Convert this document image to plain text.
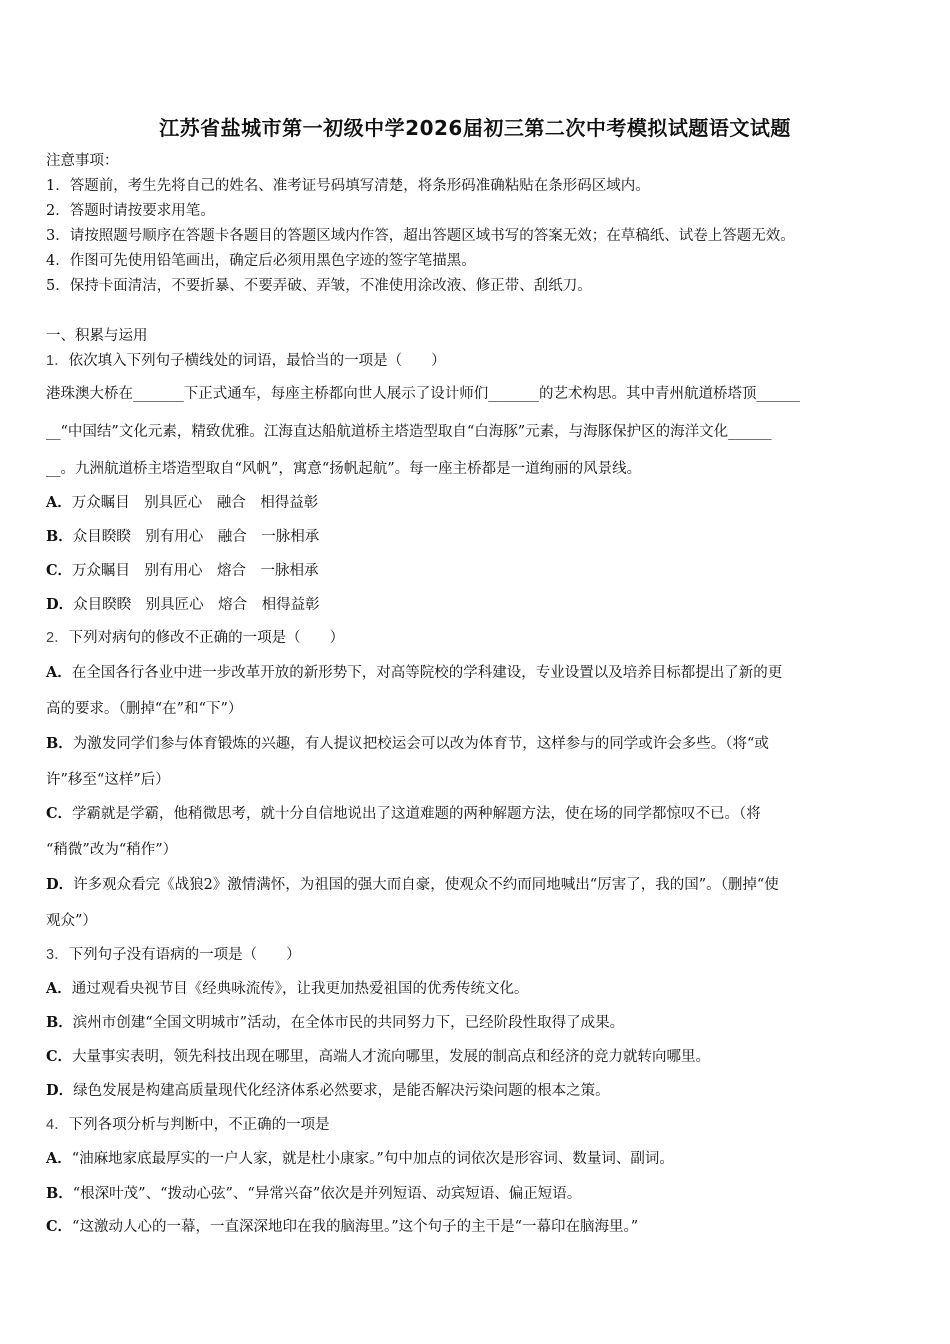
江苏省盐城市第一初级中学2026届初三第二次中考模拟试题语文试题
注意事项：
1．答题前，考生先将自己的姓名、准考证号码填写清楚，将条形码准确粘贴在条形码区域内。
2．答题时请按要求用笔。
3．请按照题号顺序在答题卡各题目的答题区域内作答，超出答题区域书写的答案无效；在草稿纸、试卷上答题无效。
4．作图可先使用铅笔画出，确定后必须用黑色字迹的签字笔描黑。
5．保持卡面清洁，不要折暴、不要弄破、弄皱，不准使用涂改液、修正带、刮纸刀。
一、积累与运用
1．依次填入下列句子横线处的词语，最恰当的一项是（　　）
港珠澳大桥在_______下正式通车，每座主桥都向世人展示了设计师们_______的艺术构思。其中青州航道桥塔顶______
__“中国结”文化元素，精致优雅。江海直达船航道桥主塔造型取自“白海豚”元素，与海豚保护区的海洋文化______
__。九洲航道桥主塔造型取自“风帆”，寓意“扬帆起航”。每一座主桥都是一道绚丽的风景线。
A．万众瞩目　别具匠心　融合　相得益彰
B．众目睽睽　别有用心　融合　一脉相承
C．万众瞩目　别有用心　熔合　一脉相承
D．众目睽睽　别具匠心　熔合　相得益彰
2．下列对病句的修改不正确的一项是（　　）
A．在全国各行各业中进一步改革开放的新形势下，对高等院校的学科建设，专业设置以及培养目标都提出了新的更
高的要求。（删掉“在”和“下”）
B．为激发同学们参与体育锻炼的兴趣，有人提议把校运会可以改为体育节，这样参与的同学或许会多些。（将“或
许”移至“这样”后）
C．学霸就是学霸，他稍微思考，就十分自信地说出了这道难题的两种解题方法，使在场的同学都惊叹不已。（将
“稍微”改为“稍作”）
D．许多观众看完《战狼2》激情满怀，为祖国的强大而自豪，使观众不约而同地喊出“厉害了，我的国”。（删掉“使
观众”）
3．下列句子没有语病的一项是（　　）
A．通过观看央视节目《经典咏流传》，让我更加热爱祖国的优秀传统文化。
B．滨州市创建“全国文明城市”活动，在全体市民的共同努力下，已经阶段性取得了成果。
C．大量事实表明，领先科技出现在哪里，高端人才流向哪里，发展的制高点和经济的竞力就转向哪里。
D．绿色发展是构建高质量现代化经济体系必然要求，是能否解决污染问题的根本之策。
4．下列各项分析与判断中，不正确的一项是
A．“油麻地家底最厚实的一户人家，就是杜小康家。”句中加点的词依次是形容词、数量词、副词。
B．“根深叶茂”、“拨动心弦”、“异常兴奋”依次是并列短语、动宾短语、偏正短语。
C．“这激动人心的一幕，一直深深地印在我的脑海里。”这个句子的主干是“一幕印在脑海里。”
